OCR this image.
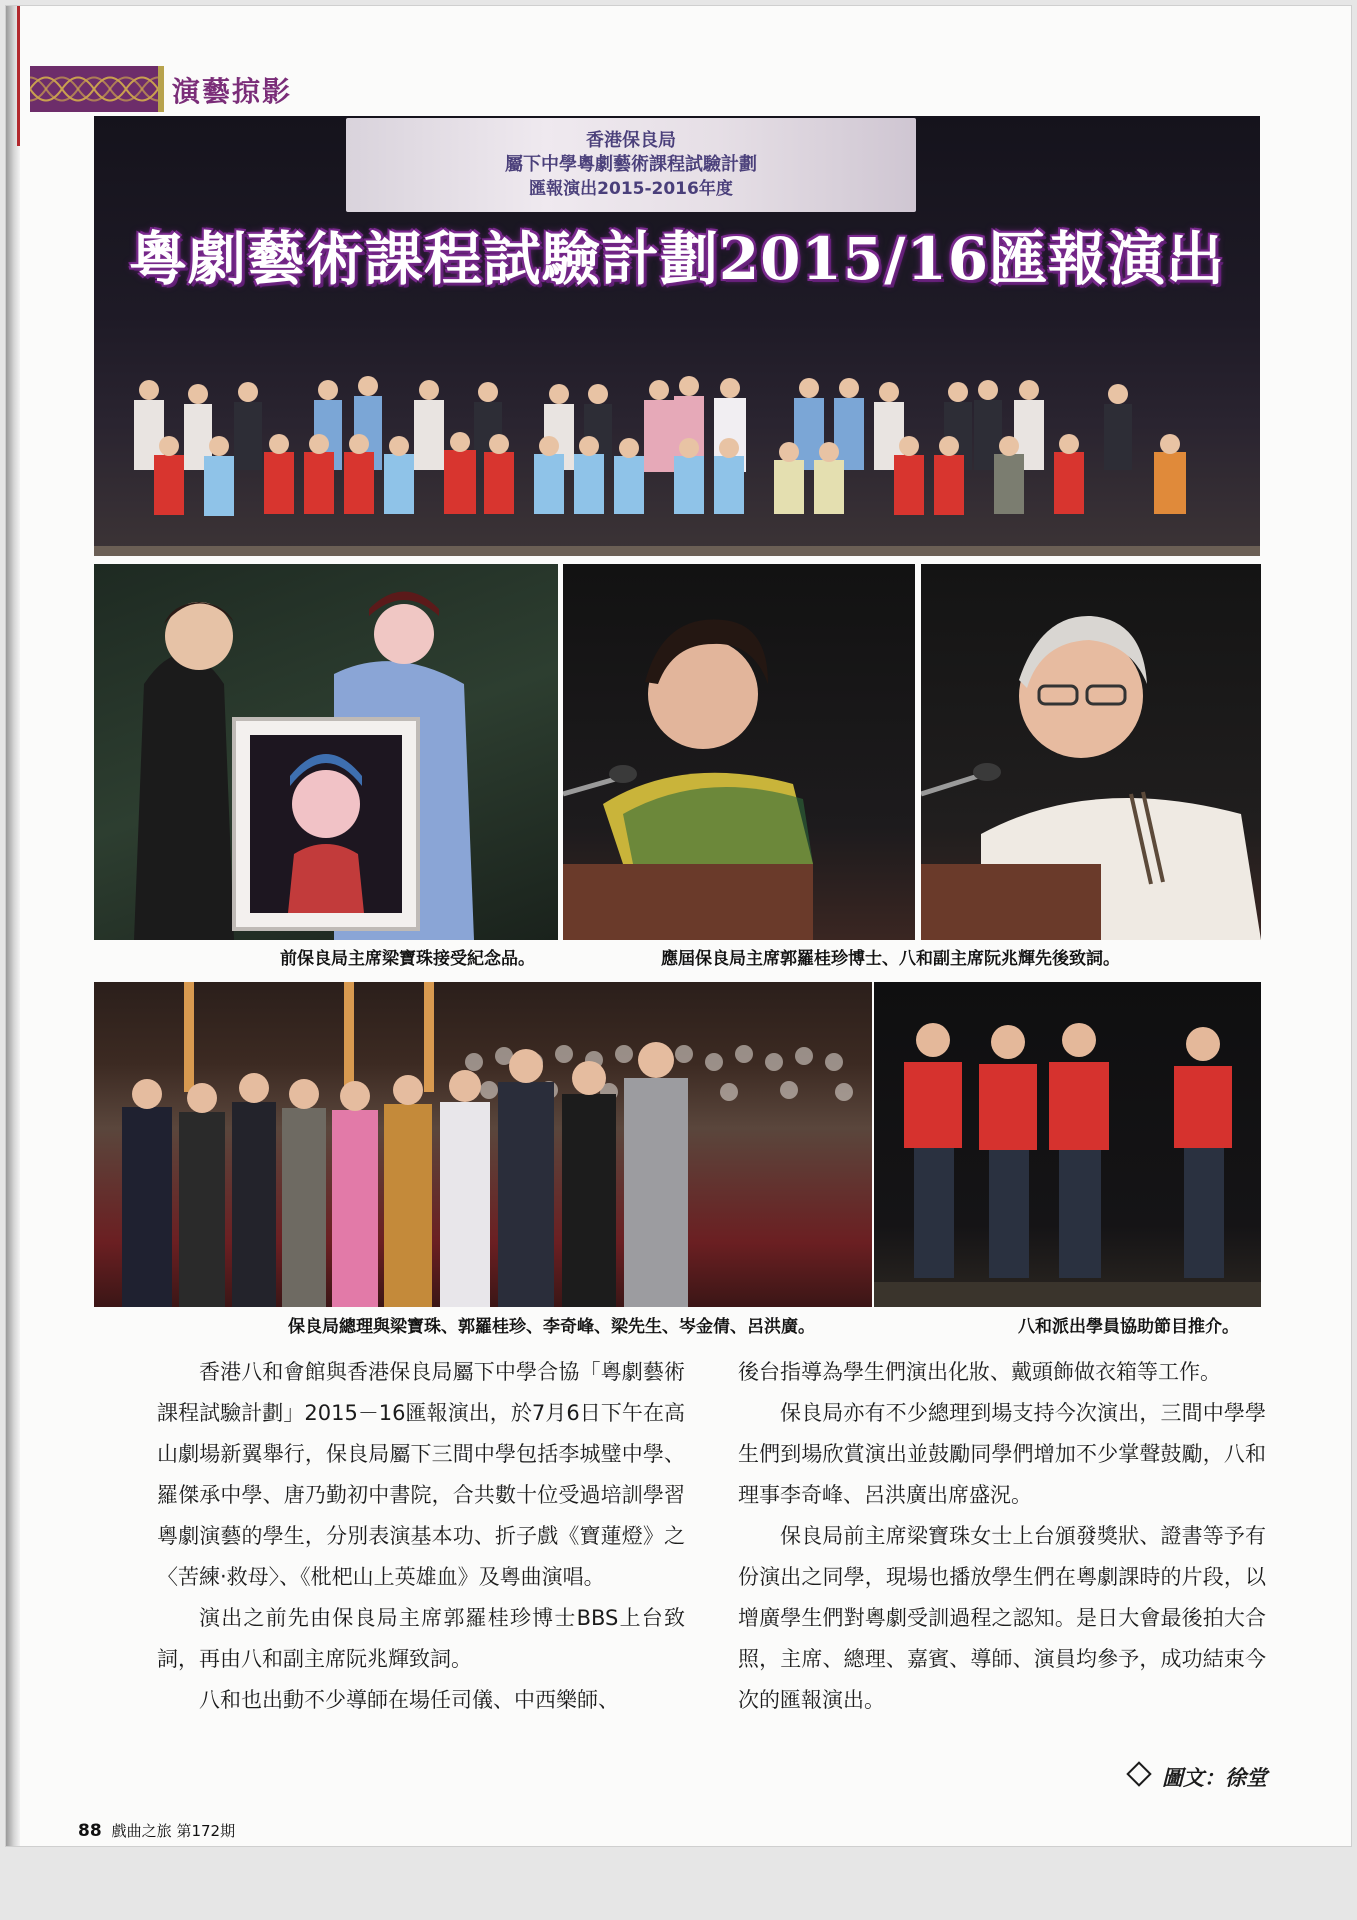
演藝掠影
香港保良局
屬下中學粵劇藝術課程試驗計劃
匯報演出2015-2016年度
粵劇藝術課程試驗計劃2015/16匯報演出
前保良局主席梁寶珠接受紀念品。	應屆保良局主席郭羅桂珍博士、八和副主席阮兆輝先後致詞。
保良局總理與梁寶珠、郭羅桂珍、李奇峰、梁先生、岑金倩、呂洪廣。	八和派出學員協助節目推介。

香港八和會館與香港保良局屬下中學合協「粵劇藝術課程試驗計劃」2015－16匯報演出，於7月6日下午在高山劇場新翼舉行，保良局屬下三間中學包括李城璧中學、羅傑承中學、唐乃勤初中書院，合共數十位受過培訓學習粵劇演藝的學生，分別表演基本功、折子戲《寶蓮燈》之〈苦練‧救母〉、《枇杷山上英雄血》及粵曲演唱。

演出之前先由保良局主席郭羅桂珍博士BBS上台致詞，再由八和副主席阮兆輝致詞。

八和也出動不少導師在場任司儀、中西樂師、

後台指導為學生們演出化妝、戴頭飾做衣箱等工作。

保良局亦有不少總理到場支持今次演出，三間中學學生們到場欣賞演出並鼓勵同學們增加不少掌聲鼓勵，八和理事李奇峰、呂洪廣出席盛況。

保良局前主席梁寶珠女士上台頒發獎狀、證書等予有份演出之同學，現場也播放學生們在粵劇課時的片段，以增廣學生們對粵劇受訓過程之認知。是日大會最後拍大合照，主席、總理、嘉賓、導師、演員均參予，成功結束今次的匯報演出。

圖文：徐堂
88 戲曲之旅 第172期
